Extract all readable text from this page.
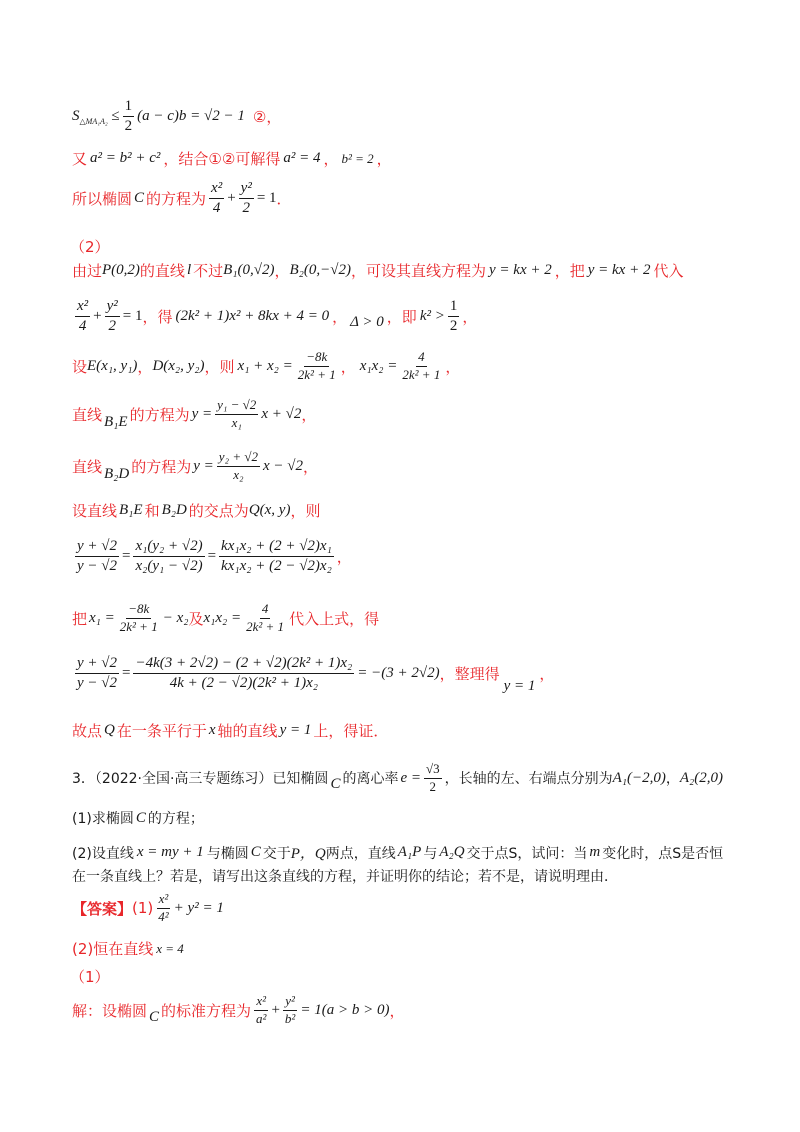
$S_{\triangle MA_1A_2} \le \frac{1}{2} (a - c)b = √2 - 1$ ②，
又 a² = b² + c² ，结合①②可解得 a² = 4 ， b² = 2 ，
所以椭圆 C 的方程为 $\frac{\text{x²}}{4} + \frac{\text{y²}}{2} = 1$ ．
（2）
由过 P(0,2) 的直线 l 不过 B₁(0,√2) ， B₂(0,−√2) ，可设其直线方程为 y = kx + 2 ，把 y = kx + 2 代入
$\frac{\text{x²}}{4} + \frac{\text{y²}}{2} = 1$ ，得 (2k² + 1)x² + 8kx + 4 = 0 ， Δ > 0 ，即 $k^2 > \frac{1}{2}$ ，
设 E(x₁, y₁) ， D(x₂, y₂) ，则 $x_1 + x_2 = \frac{-8k}{\text{2k² + 1}}$ ， $x_1x_2 = \frac{4}{\text{2k² + 1}}$ ，
直线 B₁E 的方程为 $y = \frac{\text{y₁ − √2}}{\text{x₁}}$ x + √2 ，
直线 B₂D 的方程为 $y = \frac{\text{y₂ + √2}}{\text{x₂}}$ x − √2 ，
设直线 B₁E 和 B₂D 的交点为 Q(x, y) ，则
$\frac{y + √2}{y - √2} = \frac{\text{x₁(y₂ + √2)}}{\text{x₂(y₁ − √2)}} = \frac{\text{kx₁x₂ + (2 + √2)x₁}}{\text{kx₁x₂ + (2 − √2)x₂}}$ ，
把 $x_1 = \frac{-8k}{\text{2k² + 1}} - x_2$ 及 $x_1x_2 = \frac{4}{\text{2k² + 1}}$ 代入上式，得
$\frac{y + √2}{y - √2} = \frac{\text{−4k(3 + 2√2) − (2 + √2)(2k² + 1)x₂}}{\text{4k + (2 − √2)(2k² + 1)x₂}} = -(3 + 2√2)$ ，整理得
y = 1
，
故点 Q 在一条平行于 x 轴的直线 y = 1 上，得证．
3．（2022·全国·高三专题练习）已知椭圆 C 的离心率 $e = \frac{√3}{2}$ ，长轴的左、右端点分别为 A₁(−2,0) ， A₂(2,0)
(1)求椭圆 C 的方程；
(2)设直线 x = my + 1 与椭圆 C 交于 P，Q 两点，直线 A₁P 与 A₂Q 交于点S，试问：当 m 变化时，点S是否恒
在一条直线上？若是，请写出这条直线的方程，并证明你的结论；若不是，请说明理由．
【答案】 $(1) \frac{\text{x²}}{\text{4²}} + y^2 = 1$
(2)恒在直线 x = 4
（1）
解：设椭圆 C 的标准方程为 $\frac{\text{x²}}{\text{a²}} + \frac{\text{y²}}{\text{b²}} = 1(a > b > 0)$ ，
